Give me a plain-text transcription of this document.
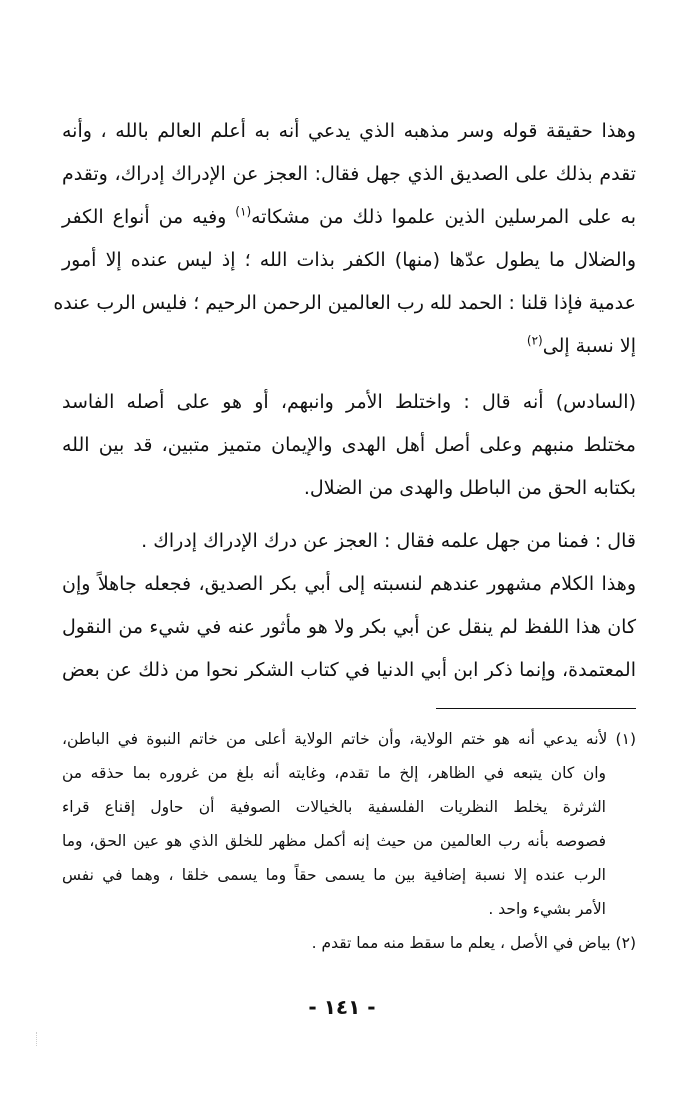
وهذا حقيقة قوله وسر مذهبه الذي يدعي أنه به أعلم العالم بالله ، وأنه
تقدم بذلك على الصديق الذي جهل فقال: العجز عن الإدراك إدراك، وتقدم
به على المرسلين الذين علموا ذلك من مشكاته$^{(١)}$ وفيه من أنواع الكفر
والضلال ما يطول عدّها (منها) الكفر بذات الله ؛ إذ ليس عنده إلا أمور
عدمية فإذا قلنا : الحمد لله رب العالمين الرحمن الرحيم ؛ فليس الرب عنده
إلا نسبة إلى$^{(٢)}$
(السادس) أنه قال : واختلط الأمر وانبهم، أو هو على أصله الفاسد
مختلط منبهم وعلى أصل أهل الهدى والإيمان متميز متبين، قد بين الله
بكتابه الحق من الباطل والهدى من الضلال.
قال : فمنا من جهل علمه فقال : العجز عن درك الإدراك إدراك .
وهذا الكلام مشهور عندهم لنسبته إلى أبي بكر الصديق، فجعله جاهلاً وإن
كان هذا اللفظ لم ينقل عن أبي بكر ولا هو مأثور عنه في شيء من النقول
المعتمدة، وإنما ذكر ابن أبي الدنيا في كتاب الشكر نحوا من ذلك عن بعض
(١) لأنه يدعي أنه هو ختم الولاية، وأن خاتم الولاية أعلى من خاتم النبوة في الباطن،
وان كان يتبعه في الظاهر، إلخ ما تقدم، وغايته أنه بلغ من غروره بما حذقه من
الثرثرة يخلط النظريات الفلسفية بالخيالات الصوفية أن حاول إقناع قراء
فصوصه بأنه رب العالمين من حيث إنه أكمل مظهر للخلق الذي هو عين الحق، وما
الرب عنده إلا نسبة إضافية بين ما يسمى حقاً وما يسمى خلقا ، وهما في نفس
الأمر بشيء واحد .
(٢) بياض في الأصل ، يعلم ما سقط منه مما تقدم .
- ١٤١ -
